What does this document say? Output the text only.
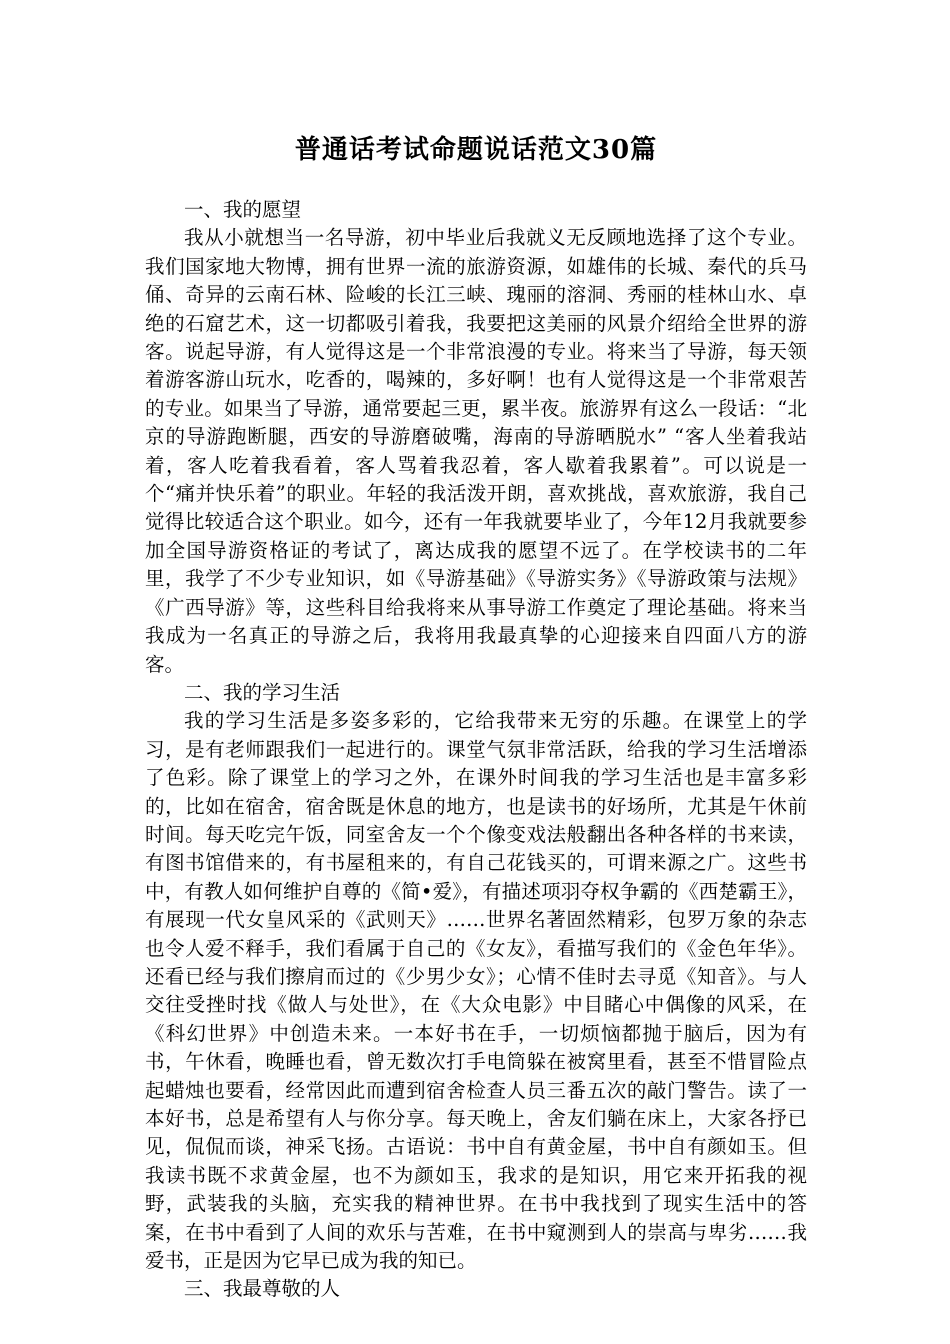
普通话考试命题说话范文30篇

一、我的愿望

我从小就想当一名导游，初中毕业后我就义无反顾地选择了这个专业。我们国家地大物博，拥有世界一流的旅游资源，如雄伟的长城、秦代的兵马俑、奇异的云南石林、险峻的长江三峡、瑰丽的溶洞、秀丽的桂林山水、卓绝的石窟艺术，这一切都吸引着我，我要把这美丽的风景介绍给全世界的游客。说起导游，有人觉得这是一个非常浪漫的专业。将来当了导游，每天领着游客游山玩水，吃香的，喝辣的，多好啊！也有人觉得这是一个非常艰苦的专业。如果当了导游，通常要起三更，累半夜。旅游界有这么一段话：“北京的导游跑断腿，西安的导游磨破嘴，海南的导游晒脱水” “客人坐着我站着，客人吃着我看着，客人骂着我忍着，客人歇着我累着”。可以说是一个“痛并快乐着”的职业。年轻的我活泼开朗，喜欢挑战，喜欢旅游，我自己觉得比较适合这个职业。如今，还有一年我就要毕业了，今年12月我就要参加全国导游资格证的考试了，离达成我的愿望不远了。在学校读书的二年里，我学了不少专业知识，如《导游基础》《导游实务》《导游政策与法规》《广西导游》等，这些科目给我将来从事导游工作奠定了理论基础。将来当我成为一名真正的导游之后，我将用我最真挚的心迎接来自四面八方的游客。

二、我的学习生活

我的学习生活是多姿多彩的，它给我带来无穷的乐趣。在课堂上的学习，是有老师跟我们一起进行的。课堂气氛非常活跃，给我的学习生活增添了色彩。除了课堂上的学习之外，在课外时间我的学习生活也是丰富多彩的，比如在宿舍，宿舍既是休息的地方，也是读书的好场所，尤其是午休前时间。每天吃完午饭，同室舍友一个个像变戏法般翻出各种各样的书来读，有图书馆借来的，有书屋租来的，有自己花钱买的，可谓来源之广。这些书中，有教人如何维护自尊的《简•爱》，有描述项羽夺权争霸的《西楚霸王》，有展现一代女皇风采的《武则天》……世界名著固然精彩，包罗万象的杂志也令人爱不释手，我们看属于自己的《女友》，看描写我们的《金色年华》。还看已经与我们擦肩而过的《少男少女》；心情不佳时去寻觅《知音》。与人交往受挫时找《做人与处世》，在《大众电影》中目睹心中偶像的风采，在《科幻世界》中创造未来。一本好书在手，一切烦恼都抛于脑后，因为有书，午休看，晚睡也看，曾无数次打手电筒躲在被窝里看，甚至不惜冒险点起蜡烛也要看，经常因此而遭到宿舍检查人员三番五次的敲门警告。读了一本好书，总是希望有人与你分享。每天晚上，舍友们躺在床上，大家各抒已见，侃侃而谈，神采飞扬。古语说：书中自有黄金屋，书中自有颜如玉。但我读书既不求黄金屋，也不为颜如玉，我求的是知识，用它来开拓我的视野，武装我的头脑，充实我的精神世界。在书中我找到了现实生活中的答案，在书中看到了人间的欢乐与苦难，在书中窥测到人的崇高与卑劣……我爱书，正是因为它早已成为我的知已。

三、我最尊敬的人
